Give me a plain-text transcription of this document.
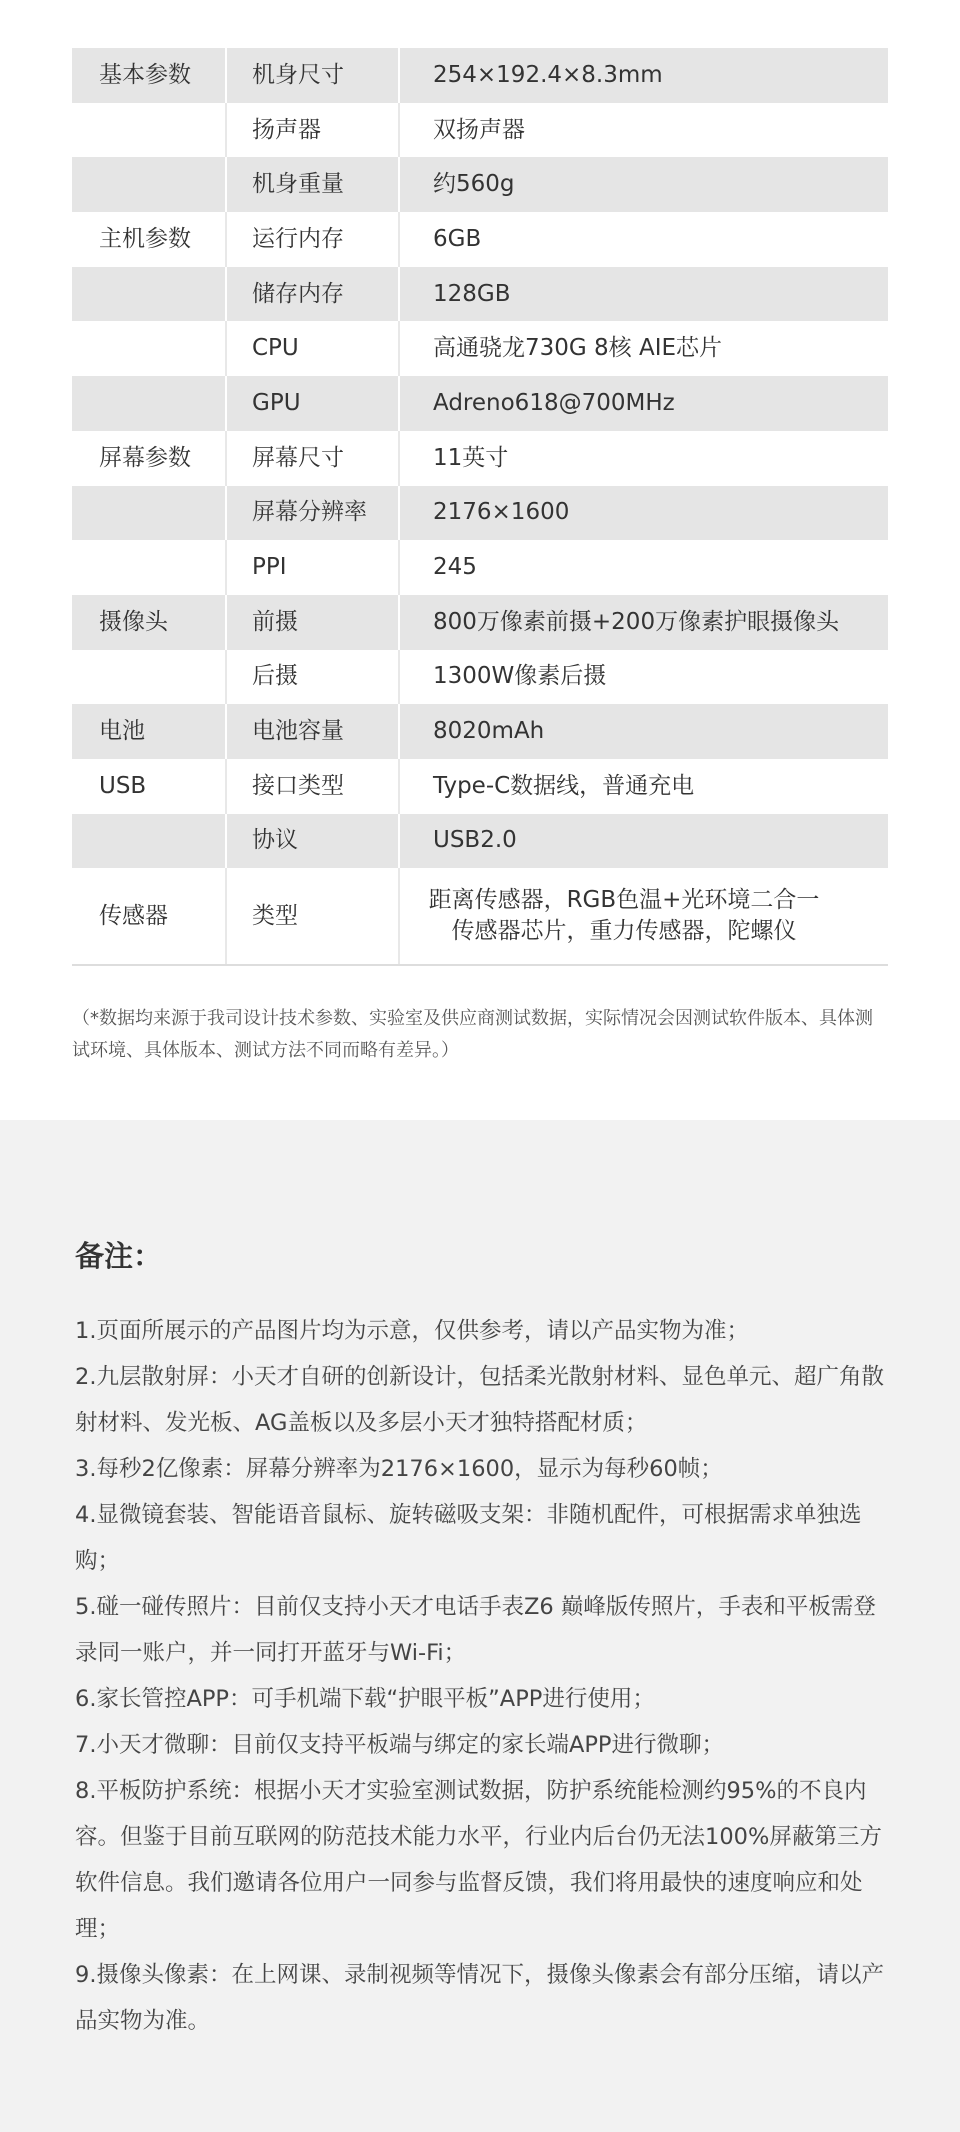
基本参数	机身尺寸	254×192.4×8.3mm
扬声器	双扬声器
机身重量	约560g
主机参数	运行内存	6GB
储存内存	128GB
CPU	高通骁龙730G 8核 AIE芯片
GPU	Adreno618@700MHz
屏幕参数	屏幕尺寸	11英寸
屏幕分辨率	2176×1600
PPI	245
摄像头	前摄	800万像素前摄+200万像素护眼摄像头
后摄	1300W像素后摄
电池	电池容量	8020mAh
USB	接口类型	Type-C数据线，普通充电
协议	USB2.0
传感器	类型
距离传感器，RGB色温+光环境二合一
传感器芯片，重力传感器，陀螺仪
（*数据均来源于我司设计技术参数、实验室及供应商测试数据，实际情况会因测试软件版本、具体测试环境、具体版本、测试方法不同而略有差异。）
备注：
1.页面所展示的产品图片均为示意，仅供参考，请以产品实物为准；
2.九层散射屏：小天才自研的创新设计，包括柔光散射材料、显色单元、超广角散射材料、发光板、AG盖板以及多层小天才独特搭配材质；
3.每秒2亿像素：屏幕分辨率为2176×1600，显示为每秒60帧；
4.显微镜套装、智能语音鼠标、旋转磁吸支架：非随机配件，可根据需求单独选购；
5.碰一碰传照片：目前仅支持小天才电话手表Z6 巅峰版传照片，手表和平板需登录同一账户，并一同打开蓝牙与Wi-Fi；
6.家长管控APP：可手机端下载“护眼平板”APP进行使用；
7.小天才微聊：目前仅支持平板端与绑定的家长端APP进行微聊；
8.平板防护系统：根据小天才实验室测试数据，防护系统能检测约95%的不良内容。但鉴于目前互联网的防范技术能力水平，行业内后台仍无法100%屏蔽第三方软件信息。我们邀请各位用户一同参与监督反馈，我们将用最快的速度响应和处理；
9.摄像头像素：在上网课、录制视频等情况下，摄像头像素会有部分压缩，请以产品实物为准。
